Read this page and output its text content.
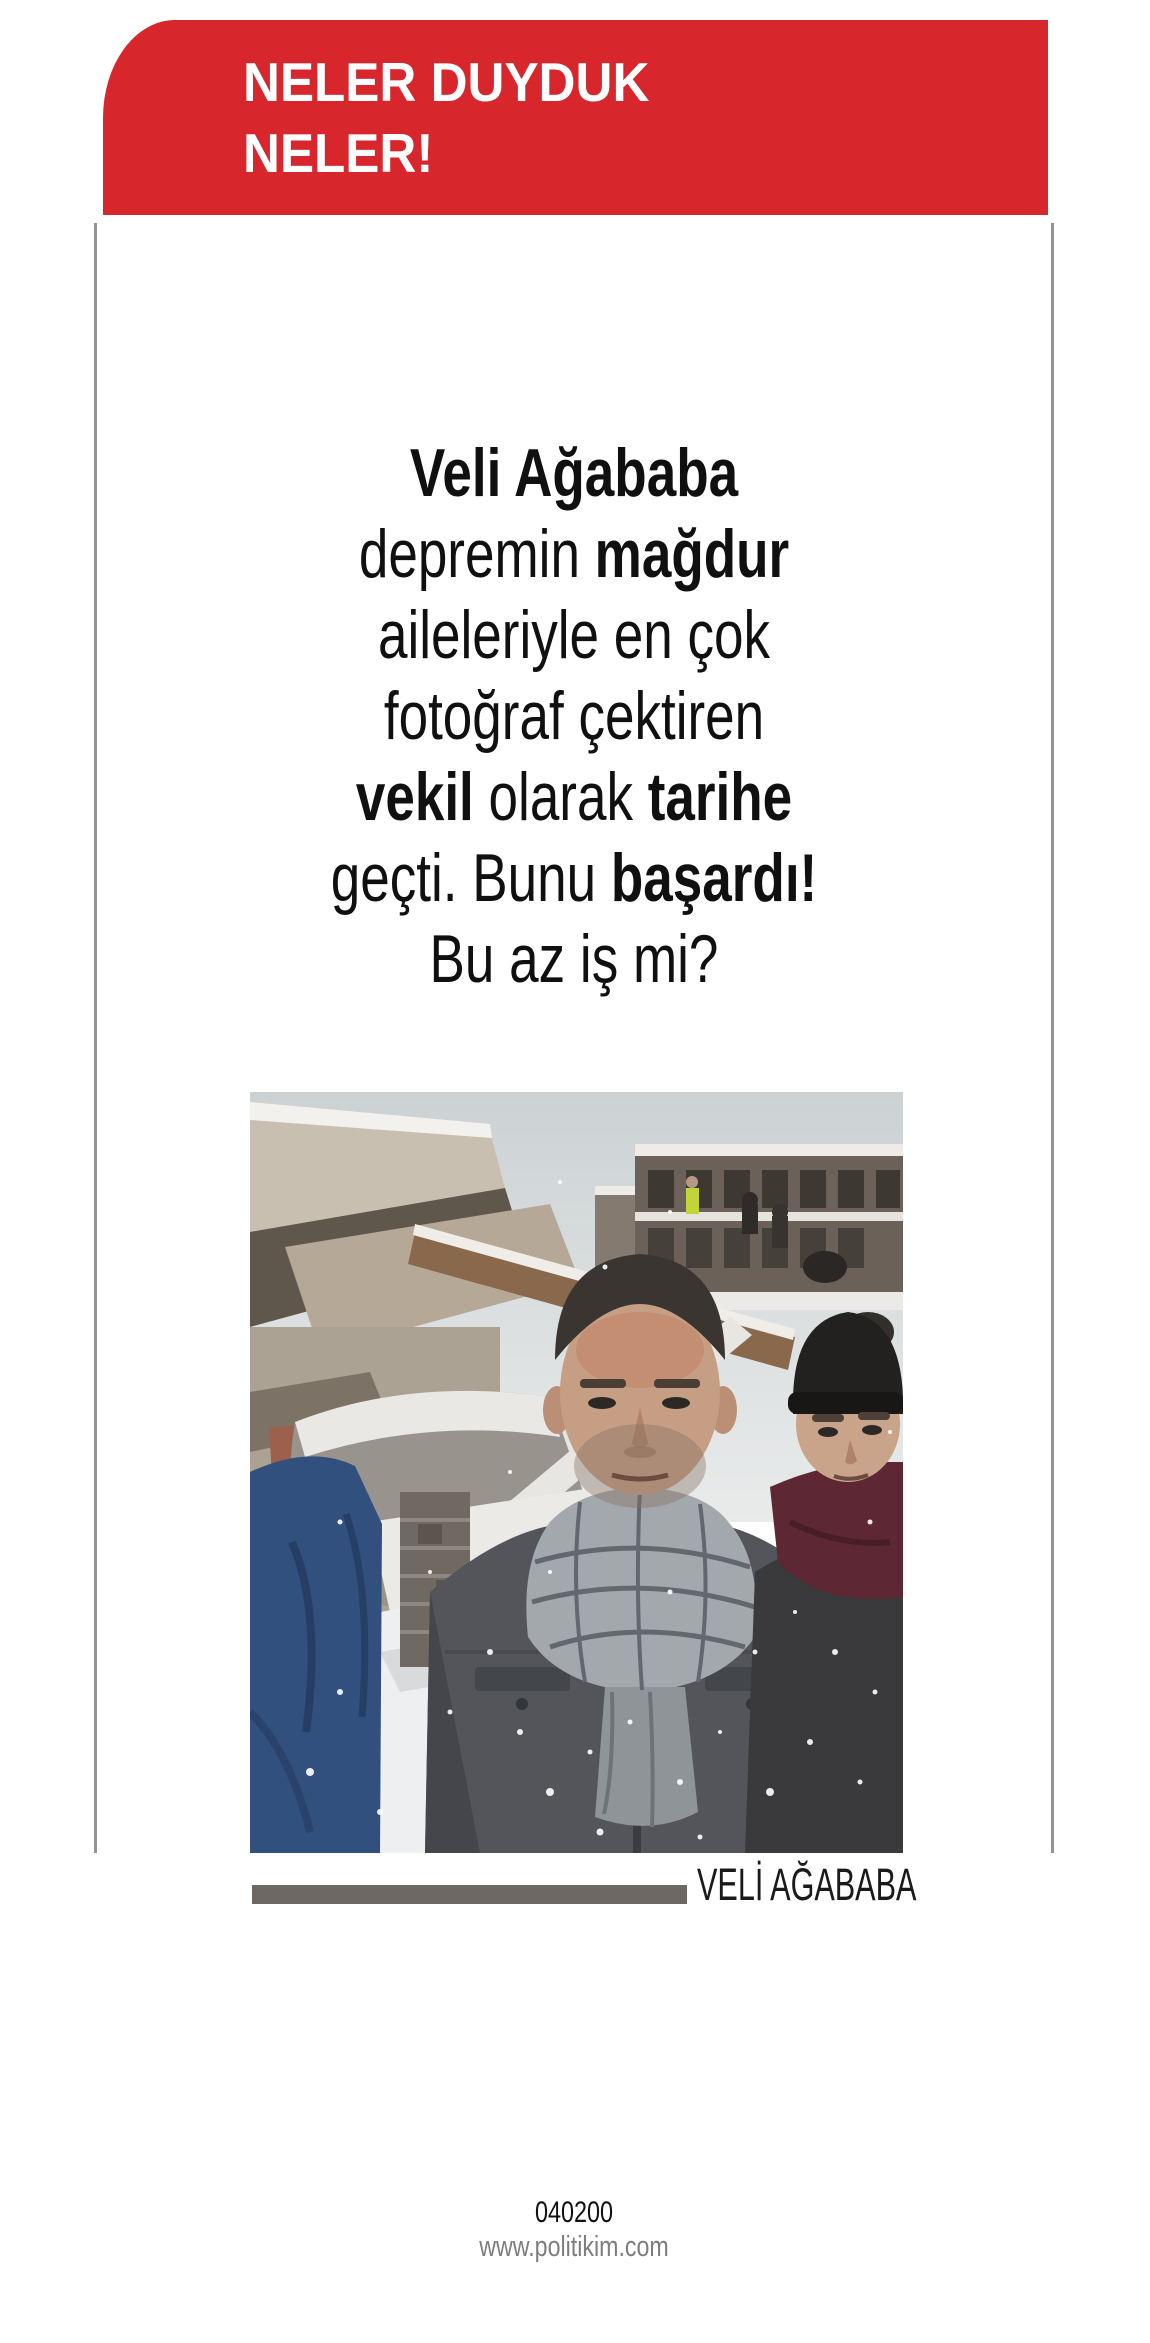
NELER DUYDUK
NELER!
Veli Ağababa
depremin mağdur
aileleriyle en çok
fotoğraf çektiren
vekil olarak tarihe
geçti. Bunu başardı!
Bu az iş mi?
VELİ AĞABABA
040200
www.politikim.com
